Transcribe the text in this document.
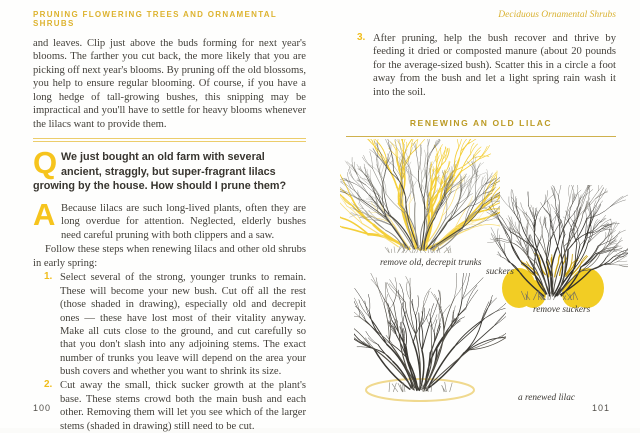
PRUNING FLOWERING TREES AND ORNAMENTAL SHRUBS

and leaves. Clip just above the buds forming for next year's blooms. The farther you cut back, the more likely that you are picking off next year's blooms. By pruning off the old blossoms, you help to ensure regular blooming. Of course, if you have a long hedge of tall-growing bushes, this snipping may be impractical and you'll have to settle for heavy blooms whenever the lilacs want to provide them.

Q We just bought an old farm with several ancient, straggly, but super-fragrant lilacs growing by the house. How should I prune them?

A Because lilacs are such long-lived plants, often they are long overdue for attention. Neglected, elderly bushes need careful pruning with both clippers and a saw.

Follow these steps when renewing lilacs and other old shrubs in early spring:

1. Select several of the strong, younger trunks to remain. These will become your new bush. Cut off all the rest (those shaded in drawing), especially old and decrepit ones — these have lost most of their vitality anyway. Make all cuts close to the ground, and cut carefully so that you don't slash into any adjoining stems. The exact number of trunks you leave will depend on the area your bush covers and whether you want to shrink its size.
2. Cut away the small, thick sucker growth at the plant's base. These stems crowd both the main bush and each other. Removing them will let you see which of the larger stems (shaded in drawing) still need to be cut.
100
Deciduous Ornamental Shrubs
3. After pruning, help the bush recover and thrive by feeding it dried or composted manure (about 20 pounds for the average-sized bush). Scatter this in a circle a foot away from the bush and let a light spring rain wash it into the soil.
RENEWING AN OLD LILAC
remove old, decrepit trunks
suckers
remove suckers
a renewed lilac
101
